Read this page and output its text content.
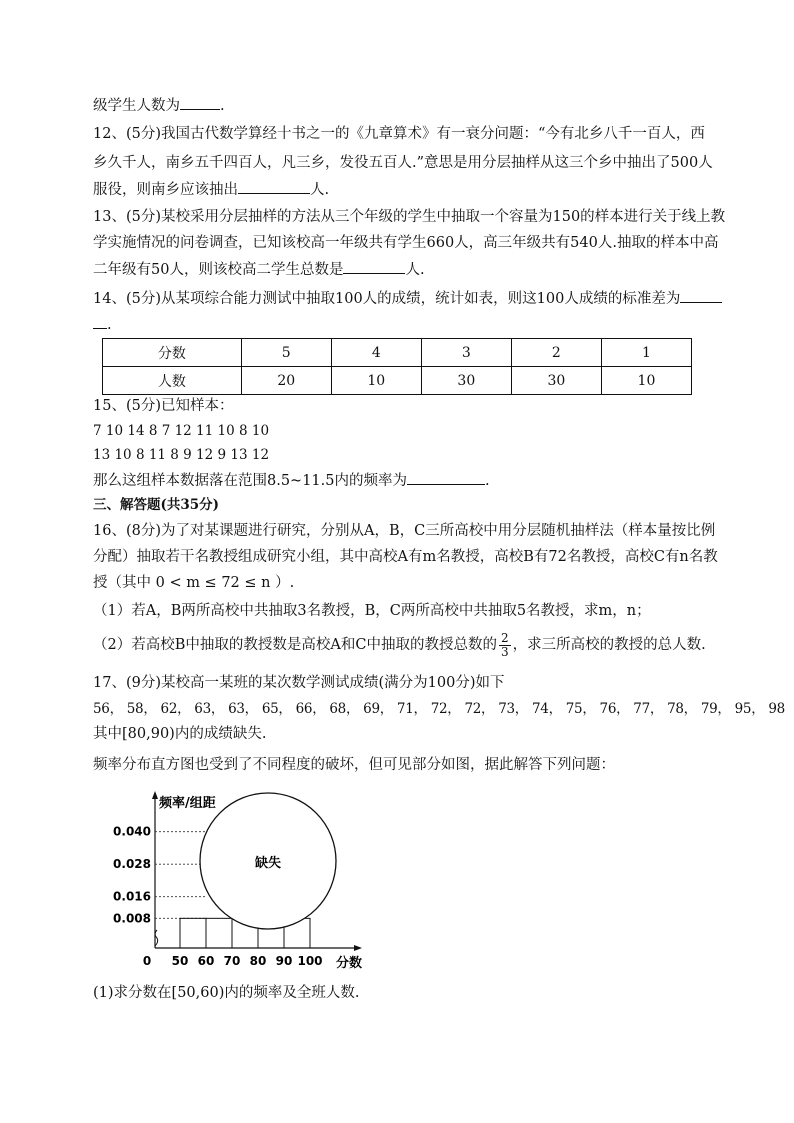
级学生人数为	.
12、(5分)我国古代数学算经十书之一的《九章算术》有一衰分问题：“今有北乡八千一百人，西
乡久千人，南乡五千四百人，凡三乡，发役五百人.”意思是用分层抽样从这三个乡中抽出了500人
服役，则南乡应该抽出	人.
13、(5分)某校采用分层抽样的方法从三个年级的学生中抽取一个容量为150的样本进行关于线上教
学实施情况的问卷调查，已知该校高一年级共有学生660人，高三年级共有540人.抽取的样本中高
二年级有50人，则该校高二学生总数是	人.
14、(5分)从某项综合能力测试中抽取100人的成绩，统计如表，则这100人成绩的标准差为
.
分数	5	4	3	2	1
人数	20	10	30	30	10
15、(5分)已知样本：
7 10 14 8 7 12 11 10 8 10
13 10 8 11 8 9 12 9 13 12
那么这组样本数据落在范围8.5~11.5内的频率为	.
三、解答题(共35分)
16、(8分)为了对某课题进行研究，分别从A，B，C三所高校中用分层随机抽样法（样本量按比例
分配）抽取若干名教授组成研究小组，其中高校A有m名教授，高校B有72名教授，高校C有n名教
授（其中 0 < m ≤ 72 ≤ n ）.
（1）若A，B两所高校中共抽取3名教授，B，C两所高校中共抽取5名教授，求m，n；
（2）若高校B中抽取的教授数是高校A和C中抽取的教授总数的 $\frac{2}{3}$ ，求三所高校的教授的总人数.
17、(9分)某校高一某班的某次数学测试成绩(满分为100分)如下
56， 58， 62， 63， 63， 65， 66， 68， 69， 71， 72， 72， 73， 74， 75， 76， 77， 78， 79， 95， 98
其中[80,90)内的成绩缺失.
频率分布直方图也受到了不同程度的破坏，但可见部分如图，据此解答下列问题：
0.040
0.028
0.016
0.008
50 60 70 80 90 100
0
频率/组距
分数
缺失
(1)求分数在[50,60)内的频率及全班人数.
